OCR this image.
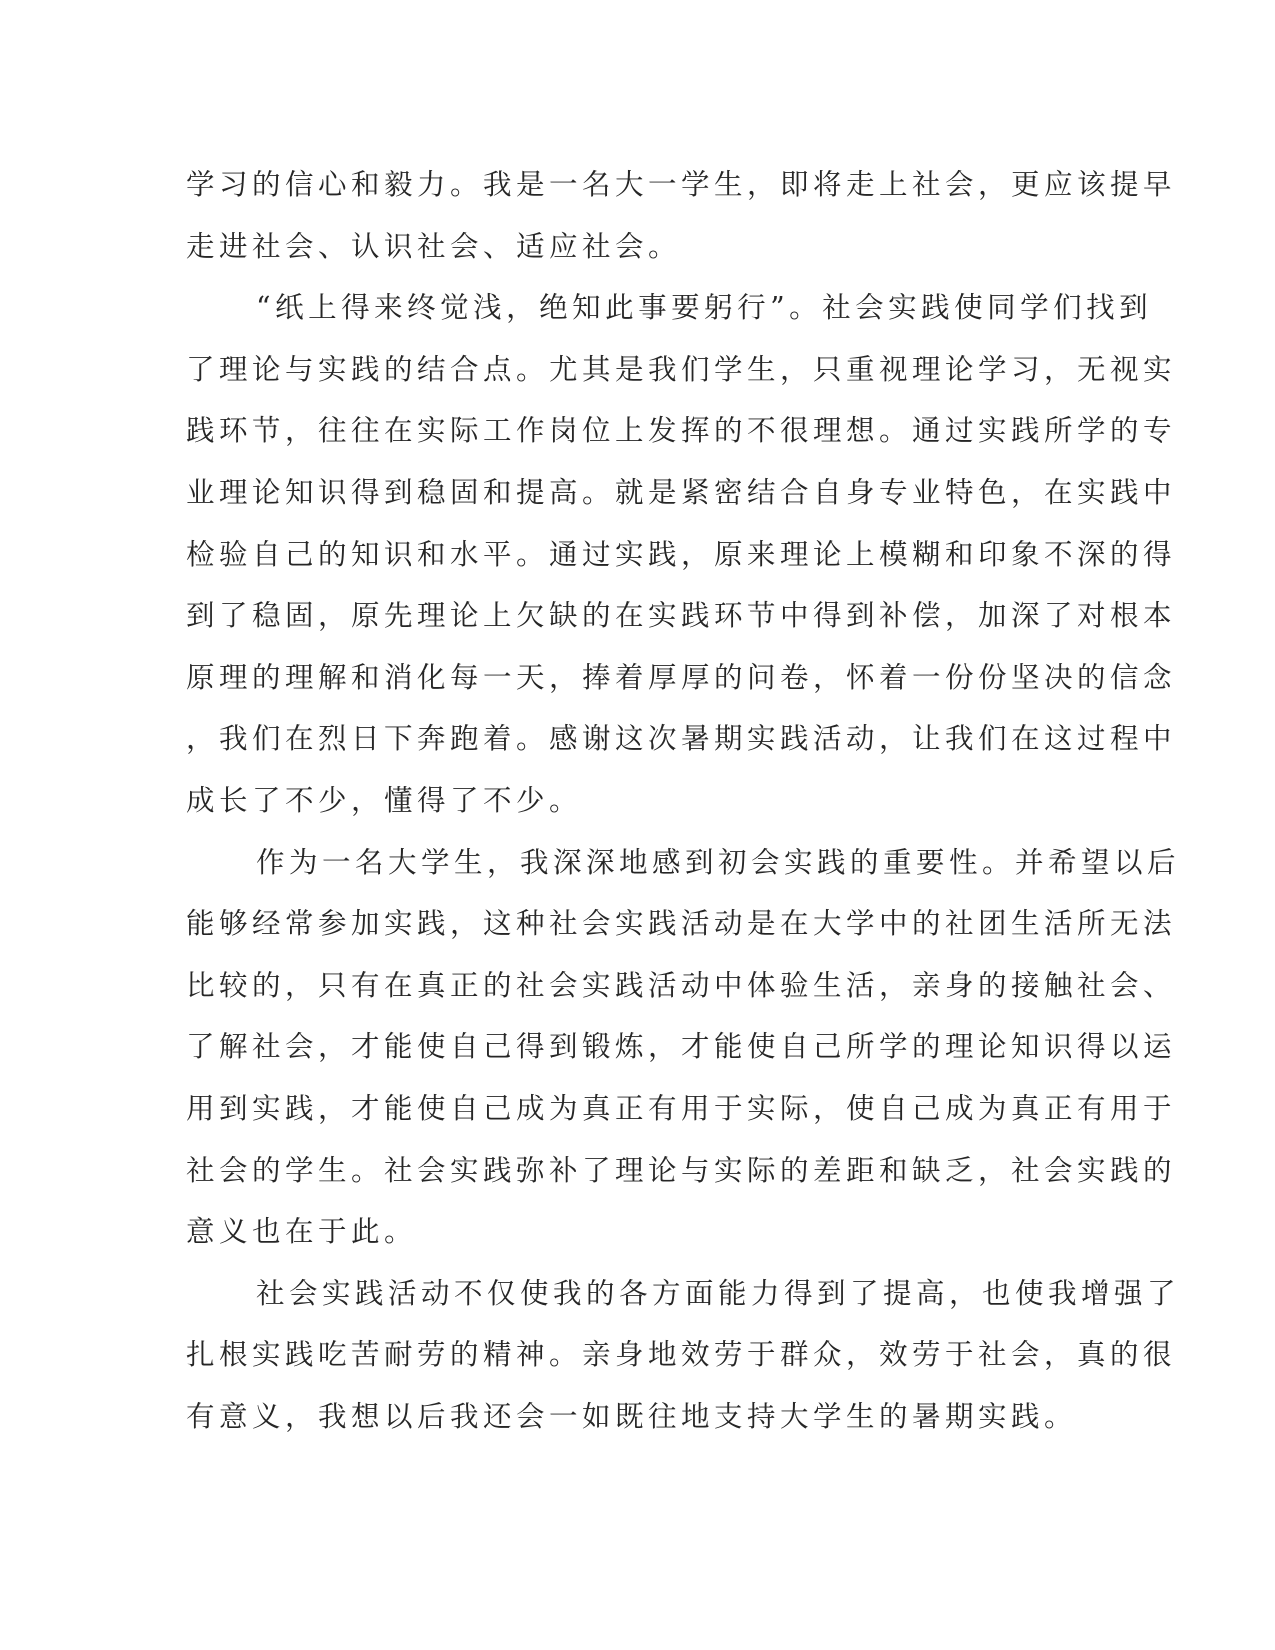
学习的信心和毅力。我是一名大一学生，即将走上社会，更应该提早
走进社会、认识社会、适应社会。
“纸上得来终觉浅，绝知此事要躬行”。社会实践使同学们找到
了理论与实践的结合点。尤其是我们学生，只重视理论学习，无视实
践环节，往往在实际工作岗位上发挥的不很理想。通过实践所学的专
业理论知识得到稳固和提高。就是紧密结合自身专业特色，在实践中
检验自己的知识和水平。通过实践，原来理论上模糊和印象不深的得
到了稳固，原先理论上欠缺的在实践环节中得到补偿，加深了对根本
原理的理解和消化每一天，捧着厚厚的问卷，怀着一份份坚决的信念
，我们在烈日下奔跑着。感谢这次暑期实践活动，让我们在这过程中
成长了不少，懂得了不少。
作为一名大学生，我深深地感到初会实践的重要性。并希望以后
能够经常参加实践，这种社会实践活动是在大学中的社团生活所无法
比较的，只有在真正的社会实践活动中体验生活，亲身的接触社会、
了解社会，才能使自己得到锻炼，才能使自己所学的理论知识得以运
用到实践，才能使自己成为真正有用于实际，使自己成为真正有用于
社会的学生。社会实践弥补了理论与实际的差距和缺乏，社会实践的
意义也在于此。
社会实践活动不仅使我的各方面能力得到了提高，也使我增强了
扎根实践吃苦耐劳的精神。亲身地效劳于群众，效劳于社会，真的很
有意义，我想以后我还会一如既往地支持大学生的暑期实践。
